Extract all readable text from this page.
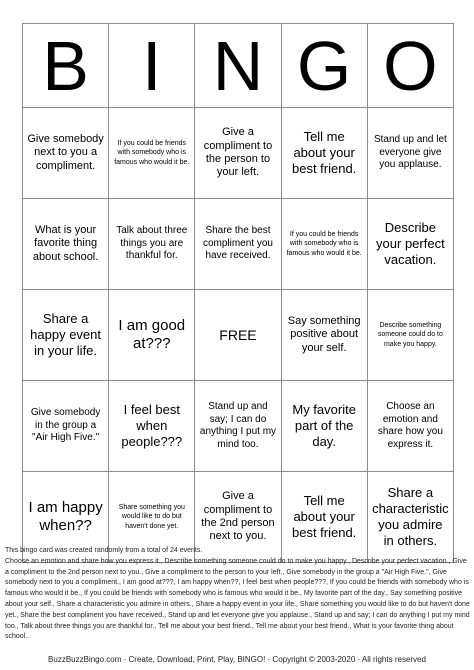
B	I	N	G	O
Give somebody next to you a compliment.	If you could be friends with somebody who is famous who would it be.	Give a compliment to the person to your left.	Tell me about your best friend.	Stand up and let everyone give you applause.
What is your favorite thing about school.	Talk about three things you are thankful for.	Share the best compliment you have received.	If you could be friends with somebody who is famous who would it be.	Describe your perfect vacation.
Share a happy event in your life.	I am good at???	FREE	Say something positive about your self.	Describe something someone could do to make you happy.
Give somebody in the group a "Air High Five."	I feel best when people???	Stand up and say; I can do anything I put my mind too.	My favorite part of the day.	Choose an emotion and share how you express it.
I am happy when??	Share something you would like to do but haven't done yet.	Give a compliment to the 2nd person next to you.	Tell me about your best friend.	Share a characteristic you admire in others.

This bingo card was created randomly from a total of 24 events.

Choose an emotion and share how you express it., Describe something someone could do to make you happy., Describe your perfect vacation., Give a compliment to the 2nd person next to you., Give a compliment to the person to your left., Give somebody in the group a "Air High Five.", Give somebody next to you a compliment., I am good at???, I am happy when??, I feel best when people???, If you could be friends with somebody who is famous who would it be., If you could be friends with somebody who is famous who would it be., My favorite part of the day., Say something positive about your self., Share a characteristic you admire in others., Share a happy event in your life., Share something you would like to do but haven't done yet., Share the best compliment you have received., Stand up and let everyone give you applause., Stand up and say; I can do anything I put my mind too., Talk about three things you are thankful for., Tell me about your best friend., Tell me about your best friend., What is your favorite thing about school..

BuzzBuzzBingo.com · Create, Download, Print, Play, BINGO! · Copyright © 2003-2020 · All rights reserved
